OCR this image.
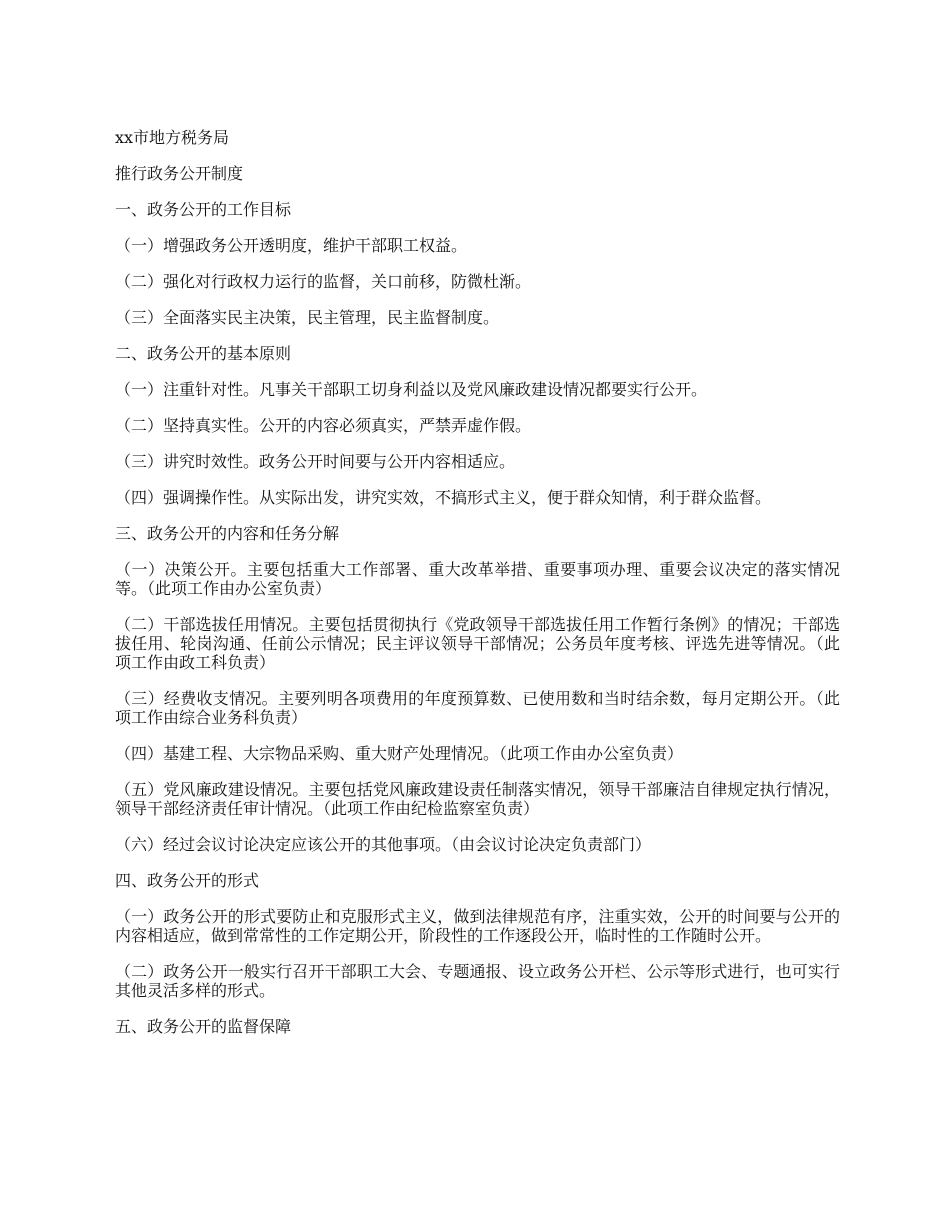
xx市地方税务局

推行政务公开制度

一、政务公开的工作目标

（一）增强政务公开透明度，维护干部职工权益。

（二）强化对行政权力运行的监督，关口前移，防微杜渐。

（三）全面落实民主决策，民主管理，民主监督制度。

二、政务公开的基本原则

（一）注重针对性。凡事关干部职工切身利益以及党风廉政建设情况都要实行公开。

（二）坚持真实性。公开的内容必须真实，严禁弄虚作假。

（三）讲究时效性。政务公开时间要与公开内容相适应。

（四）强调操作性。从实际出发，讲究实效，不搞形式主义，便于群众知情，利于群众监督。

三、政务公开的内容和任务分解

（一）决策公开。主要包括重大工作部署、重大改革举措、重要事项办理、重要会议决定的落实情况等。（此项工作由办公室负责）

（二）干部选拔任用情况。主要包括贯彻执行《党政领导干部选拔任用工作暂行条例》的情况；干部选拔任用、轮岗沟通、任前公示情况；民主评议领导干部情况；公务员年度考核、评选先进等情况。（此项工作由政工科负责）

（三）经费收支情况。主要列明各项费用的年度预算数、已使用数和当时结余数，每月定期公开。（此项工作由综合业务科负责）

（四）基建工程、大宗物品采购、重大财产处理情况。（此项工作由办公室负责）

（五）党风廉政建设情况。主要包括党风廉政建设责任制落实情况，领导干部廉洁自律规定执行情况，领导干部经济责任审计情况。（此项工作由纪检监察室负责）

（六）经过会议讨论决定应该公开的其他事项。（由会议讨论决定负责部门）

四、政务公开的形式

（一）政务公开的形式要防止和克服形式主义，做到法律规范有序，注重实效，公开的时间要与公开的内容相适应，做到常常性的工作定期公开，阶段性的工作逐段公开，临时性的工作随时公开。

（二）政务公开一般实行召开干部职工大会、专题通报、设立政务公开栏、公示等形式进行，也可实行其他灵活多样的形式。

五、政务公开的监督保障
